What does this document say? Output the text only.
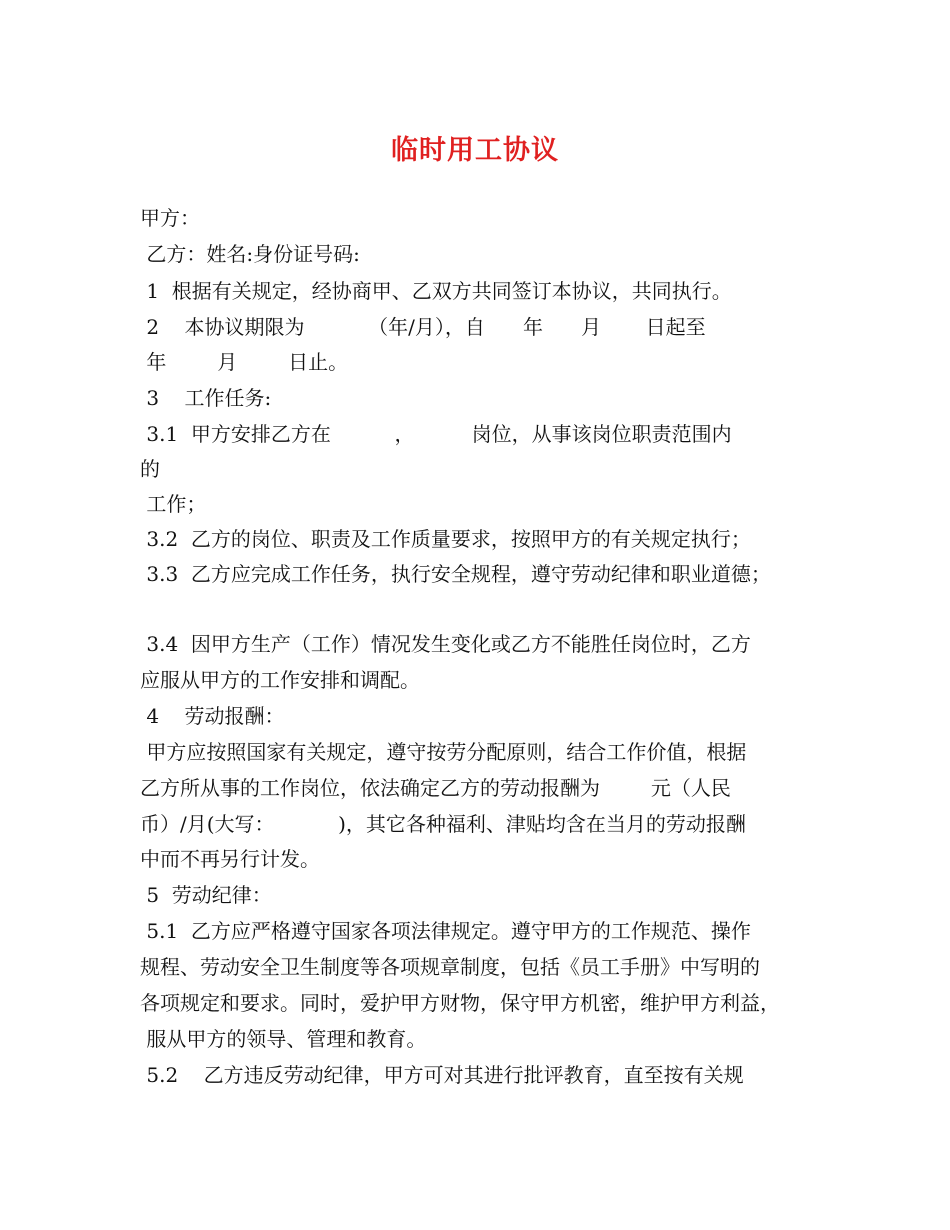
临时用工协议
甲方：
乙方：姓名:身份证号码:
1  根据有关规定，经协商甲、乙双方共同签订本协议，共同执行。
2    本协议期限为          （年/月），自      年      月       日起至
年        月        日止。
3    工作任务:
3.1  甲方安排乙方在          ，         岗位，从事该岗位职责范围内
的
工作；
3.2  乙方的岗位、职责及工作质量要求，按照甲方的有关规定执行；
3.3  乙方应完成工作任务，执行安全规程，遵守劳动纪律和职业道德；
3.4  因甲方生产（工作）情况发生变化或乙方不能胜任岗位时，乙方
应服从甲方的工作安排和调配。
4    劳动报酬：
甲方应按照国家有关规定，遵守按劳分配原则，结合工作价值，根据
乙方所从事的工作岗位，依法确定乙方的劳动报酬为        元（人民
币）/月(大写：          )，其它各种福利、津贴均含在当月的劳动报酬
中而不再另行计发。
5  劳动纪律：
5.1  乙方应严格遵守国家各项法律规定。遵守甲方的工作规范、操作
规程、劳动安全卫生制度等各项规章制度，包括《员工手册》中写明的
各项规定和要求。同时，爱护甲方财物，保守甲方机密，维护甲方利益，
服从甲方的领导、管理和教育。
5.2    乙方违反劳动纪律，甲方可对其进行批评教育，直至按有关规
